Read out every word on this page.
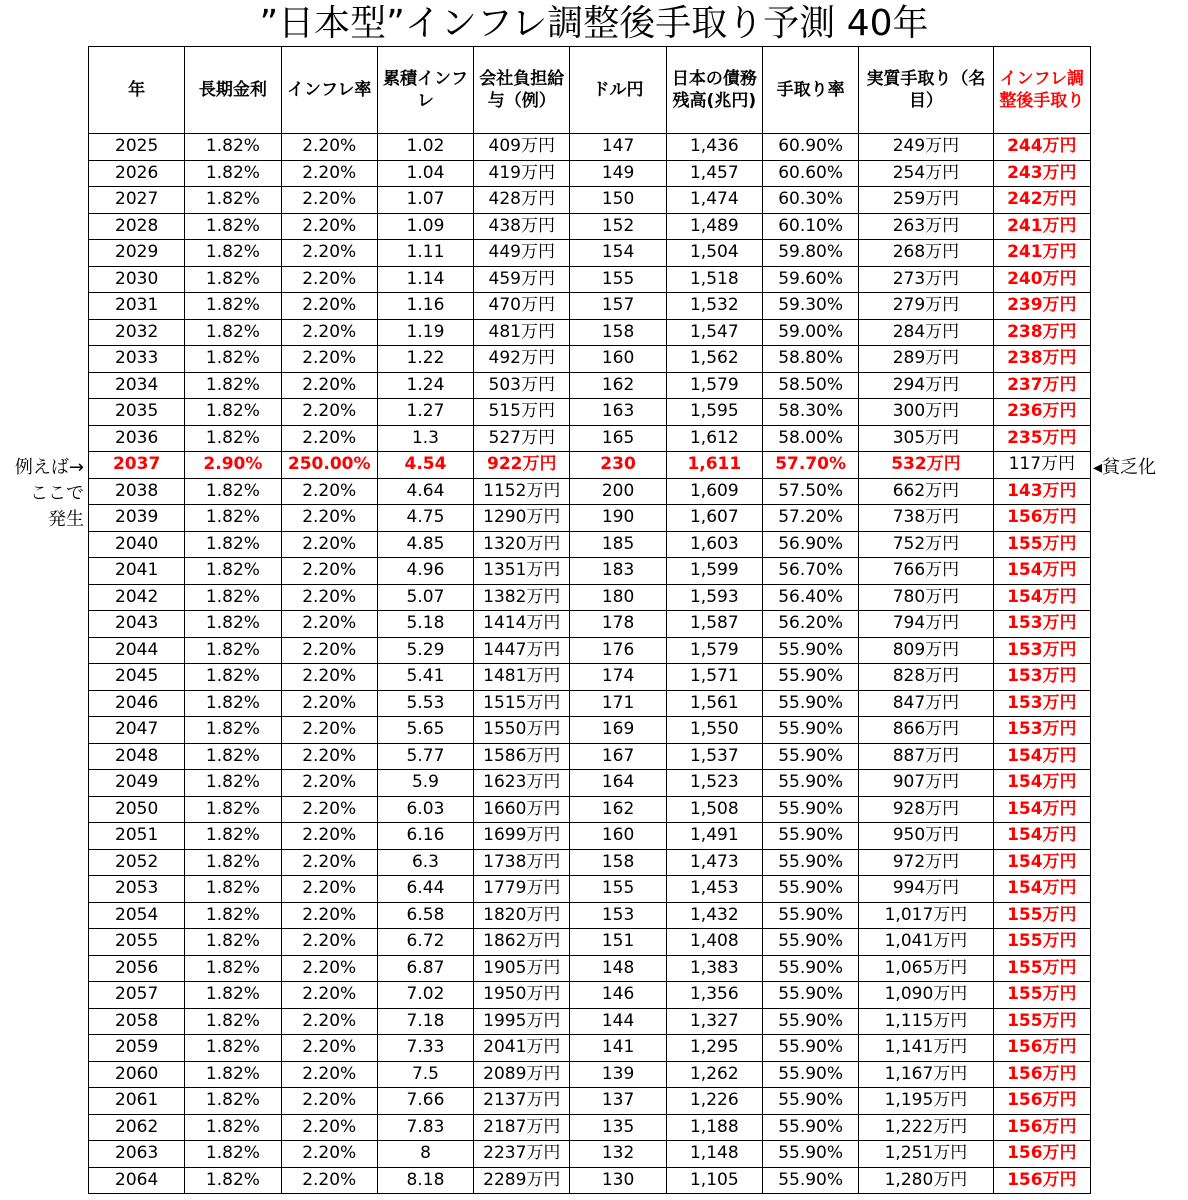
”日本型”インフレ調整後手取り予測 40年
例えば→
ここで
発生
◂貧乏化
年	長期金利	インフレ率	累積インフレ	会社負担給与（例）	ドル円	日本の債務残高(兆円)	手取り率	実質手取り（名目）	インフレ調整後手取り
2025	1.82%	2.20%	1.02	409万円	147	1,436	60.90%	249万円	244万円
2026	1.82%	2.20%	1.04	419万円	149	1,457	60.60%	254万円	243万円
2027	1.82%	2.20%	1.07	428万円	150	1,474	60.30%	259万円	242万円
2028	1.82%	2.20%	1.09	438万円	152	1,489	60.10%	263万円	241万円
2029	1.82%	2.20%	1.11	449万円	154	1,504	59.80%	268万円	241万円
2030	1.82%	2.20%	1.14	459万円	155	1,518	59.60%	273万円	240万円
2031	1.82%	2.20%	1.16	470万円	157	1,532	59.30%	279万円	239万円
2032	1.82%	2.20%	1.19	481万円	158	1,547	59.00%	284万円	238万円
2033	1.82%	2.20%	1.22	492万円	160	1,562	58.80%	289万円	238万円
2034	1.82%	2.20%	1.24	503万円	162	1,579	58.50%	294万円	237万円
2035	1.82%	2.20%	1.27	515万円	163	1,595	58.30%	300万円	236万円
2036	1.82%	2.20%	1.3	527万円	165	1,612	58.00%	305万円	235万円
2037	2.90%	250.00%	4.54	922万円	230	1,611	57.70%	532万円	117万円
2038	1.82%	2.20%	4.64	1152万円	200	1,609	57.50%	662万円	143万円
2039	1.82%	2.20%	4.75	1290万円	190	1,607	57.20%	738万円	156万円
2040	1.82%	2.20%	4.85	1320万円	185	1,603	56.90%	752万円	155万円
2041	1.82%	2.20%	4.96	1351万円	183	1,599	56.70%	766万円	154万円
2042	1.82%	2.20%	5.07	1382万円	180	1,593	56.40%	780万円	154万円
2043	1.82%	2.20%	5.18	1414万円	178	1,587	56.20%	794万円	153万円
2044	1.82%	2.20%	5.29	1447万円	176	1,579	55.90%	809万円	153万円
2045	1.82%	2.20%	5.41	1481万円	174	1,571	55.90%	828万円	153万円
2046	1.82%	2.20%	5.53	1515万円	171	1,561	55.90%	847万円	153万円
2047	1.82%	2.20%	5.65	1550万円	169	1,550	55.90%	866万円	153万円
2048	1.82%	2.20%	5.77	1586万円	167	1,537	55.90%	887万円	154万円
2049	1.82%	2.20%	5.9	1623万円	164	1,523	55.90%	907万円	154万円
2050	1.82%	2.20%	6.03	1660万円	162	1,508	55.90%	928万円	154万円
2051	1.82%	2.20%	6.16	1699万円	160	1,491	55.90%	950万円	154万円
2052	1.82%	2.20%	6.3	1738万円	158	1,473	55.90%	972万円	154万円
2053	1.82%	2.20%	6.44	1779万円	155	1,453	55.90%	994万円	154万円
2054	1.82%	2.20%	6.58	1820万円	153	1,432	55.90%	1,017万円	155万円
2055	1.82%	2.20%	6.72	1862万円	151	1,408	55.90%	1,041万円	155万円
2056	1.82%	2.20%	6.87	1905万円	148	1,383	55.90%	1,065万円	155万円
2057	1.82%	2.20%	7.02	1950万円	146	1,356	55.90%	1,090万円	155万円
2058	1.82%	2.20%	7.18	1995万円	144	1,327	55.90%	1,115万円	155万円
2059	1.82%	2.20%	7.33	2041万円	141	1,295	55.90%	1,141万円	156万円
2060	1.82%	2.20%	7.5	2089万円	139	1,262	55.90%	1,167万円	156万円
2061	1.82%	2.20%	7.66	2137万円	137	1,226	55.90%	1,195万円	156万円
2062	1.82%	2.20%	7.83	2187万円	135	1,188	55.90%	1,222万円	156万円
2063	1.82%	2.20%	8	2237万円	132	1,148	55.90%	1,251万円	156万円
2064	1.82%	2.20%	8.18	2289万円	130	1,105	55.90%	1,280万円	156万円
